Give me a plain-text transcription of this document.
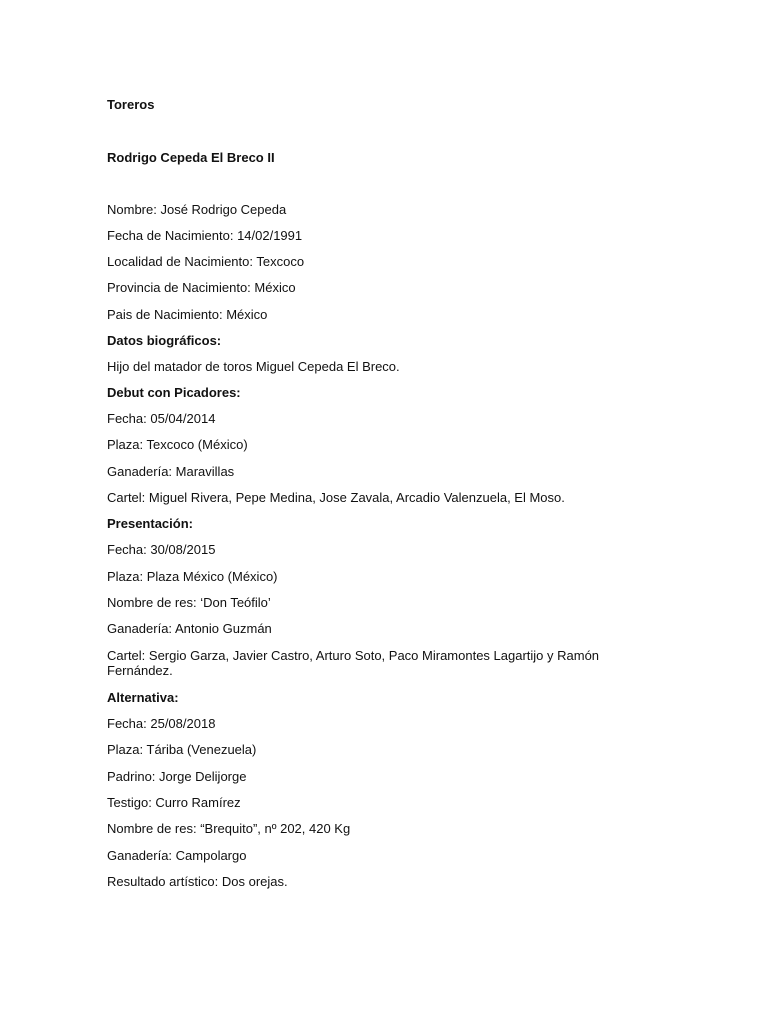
Toreros
Rodrigo Cepeda El Breco II
Nombre: José Rodrigo Cepeda
Fecha de Nacimiento: 14/02/1991
Localidad de Nacimiento: Texcoco
Provincia de Nacimiento: México
Pais de Nacimiento: México
Datos biográficos:
Hijo del matador de toros Miguel Cepeda El Breco.
Debut con Picadores:
Fecha: 05/04/2014
Plaza: Texcoco (México)
Ganadería: Maravillas
Cartel: Miguel Rivera, Pepe Medina, Jose Zavala, Arcadio Valenzuela, El Moso.
Presentación:
Fecha: 30/08/2015
Plaza: Plaza México (México)
Nombre de res: ‘Don Teófilo’
Ganadería: Antonio Guzmán
Cartel: Sergio Garza, Javier Castro, Arturo Soto, Paco Miramontes Lagartijo y Ramón Fernández.
Alternativa:
Fecha: 25/08/2018
Plaza: Táriba (Venezuela)
Padrino: Jorge Delijorge
Testigo: Curro Ramírez
Nombre de res: “Brequito”, nº 202, 420 Kg
Ganadería: Campolargo
Resultado artístico: Dos orejas.
